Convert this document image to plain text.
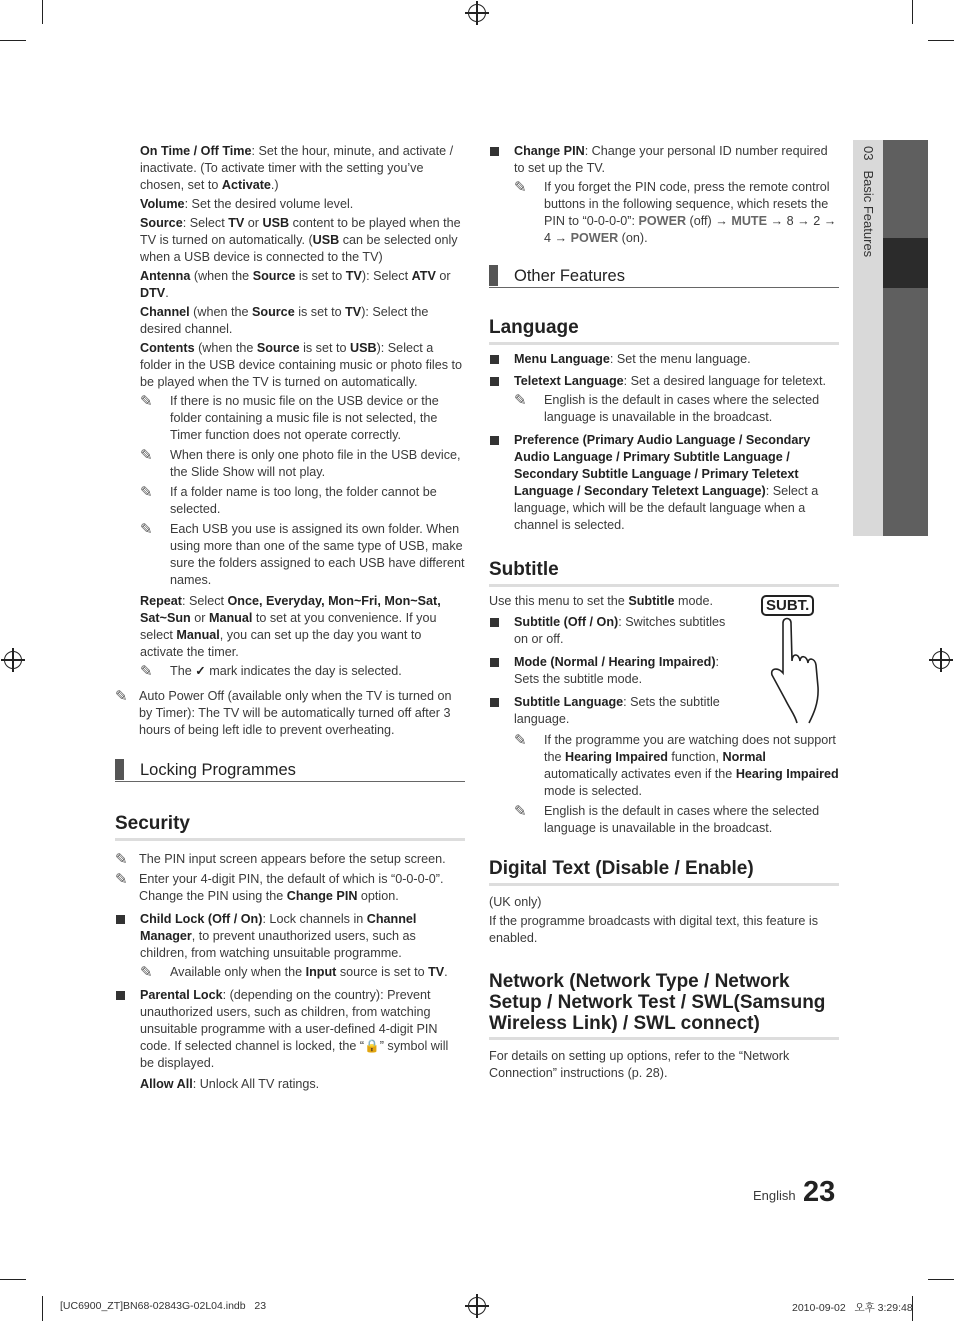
03Basic Features

On Time / Off Time: Set the hour, minute, and activate / inactivate. (To activate timer with the setting you’ve chosen, set to Activate.)

Volume: Set the desired volume level.

Source: Select TV or USB content to be played when the TV is turned on automatically. (USB can be selected only when a USB device is connected to the TV)

Antenna (when the Source is set to TV): Select ATV or DTV.

Channel (when the Source is set to TV): Select the desired channel.

Contents (when the Source is set to USB): Select a folder in the USB device containing music or photo files to be played when the TV is turned on automatically.

✎ If there is no music file on the USB device or the folder containing a music file is not selected, the Timer function does not operate correctly.

✎ When there is only one photo file in the USB device, the Slide Show will not play.

✎ If a folder name is too long, the folder cannot be selected.

✎ Each USB you use is assigned its own folder. When using more than one of the same type of USB, make sure the folders assigned to each USB have different names.

Repeat: Select Once, Everyday, Mon~Fri, Mon~Sat, Sat~Sun or Manual to set at you convenience. If you select Manual, you can set up the day you want to activate the timer.

✎ The ✓ mark indicates the day is selected.

✎ Auto Power Off (available only when the TV is turned on by Timer): The TV will be automatically turned off after 3 hours of being left idle to prevent overheating.

Locking Programmes
Security

✎ The PIN input screen appears before the setup screen.

✎ Enter your 4-digit PIN, the default of which is “0-0-0-0”. Change the PIN using the Change PIN option.

Child Lock (Off / On): Lock channels in Channel Manager, to prevent unauthorized users, such as children, from watching unsuitable programme.

✎ Available only when the Input source is set to TV.

Parental Lock: (depending on the country): Prevent unauthorized users, such as children, from watching unsuitable programme with a user-defined 4-digit PIN code. If selected channel is locked, the “🔒” symbol will be displayed.

Allow All: Unlock All TV ratings.

Change PIN: Change your personal ID number required to set up the TV.

✎ If you forget the PIN code, press the remote control buttons in the following sequence, which resets the PIN to “0-0-0-0”: POWER (off) → MUTE → 8 → 2 → 4 → POWER (on).

Other Features
Language

Menu Language: Set the menu language.

Teletext Language: Set a desired language for teletext.

✎ English is the default in cases where the selected language is unavailable in the broadcast.

Preference (Primary Audio Language / Secondary Audio Language / Primary Subtitle Language / Secondary Subtitle Language / Primary Teletext Language / Secondary Teletext Language): Select a language, which will be the default language when a channel is selected.

Subtitle

Use this menu to set the Subtitle mode.

Subtitle (Off / On): Switches subtitles on or off.

Mode (Normal / Hearing Impaired): Sets the subtitle mode.

Subtitle Language: Sets the subtitle language.

SUBT.

✎ If the programme you are watching does not support the Hearing Impaired function, Normal automatically activates even if the Hearing Impaired mode is selected.

✎ English is the default in cases where the selected language is unavailable in the broadcast.

Digital Text (Disable / Enable)

(UK only)

If the programme broadcasts with digital text, this feature is enabled.

Network (Network Type / Network Setup / Network Test / SWL(Samsung Wireless Link) / SWL connect)

For details on setting up options, refer to the “Network Connection” instructions (p. 28).

English 23
[UC6900_ZT]BN68-02843G-02L04.indb   23	2010-09-02   오후 3:29:48
